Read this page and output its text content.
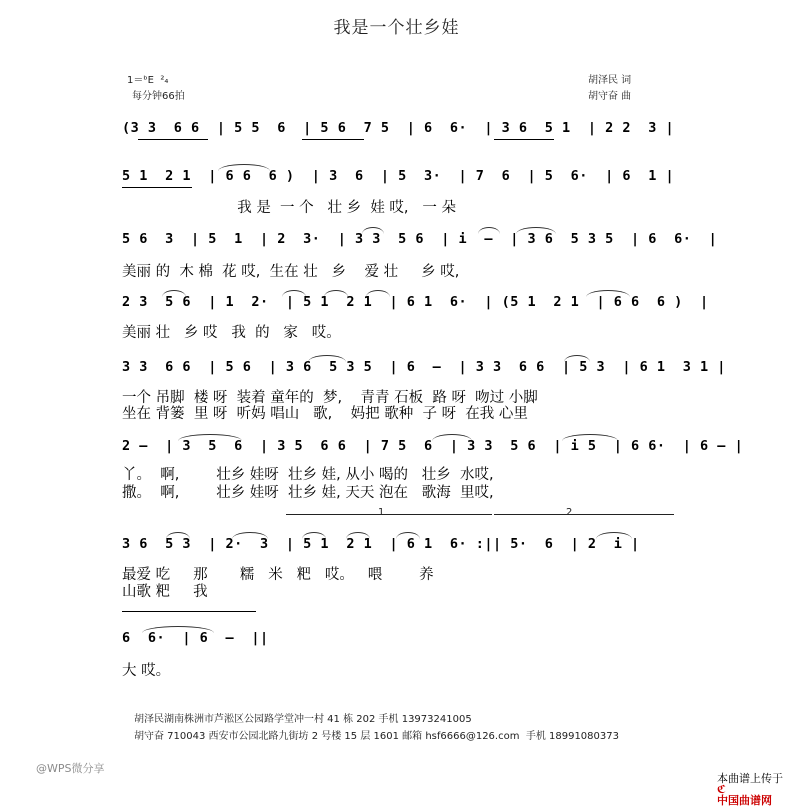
我是一个壮乡娃
1＝ᵇE  ²₄
每分钟66拍
胡泽民 词
胡守奋 曲
(3 3  6 6  | 5 5  6  | 5 6  7 5  | 6  6·  | 3 6  5 1  | 2 2  3 |
5 1  2 1  | 6 6  6 )  | 3  6  | 5  3·  | 7  6  | 5  6·  | 6  1 |
我 是  一 个   壮 乡  娃 哎,   一 朵
5 6  3  | 5  1  | 2  3·  | 3 3  5 6  | i  —  | 3 6  5 3 5  | 6  6·  |
美丽 的  木 棉  花 哎,  生在 壮   乡    爱 壮     乡 哎,
2 3  5 6  | 1  2·  | 5 1  2 1  | 6 1  6·  | (5 1  2 1  | 6 6  6 )  |
美丽 壮   乡 哎   我  的   家   哎。
3 3  6 6  | 5 6  | 3 6  5 3 5  | 6  —  | 3 3  6 6  | 5 3  | 6 1  3 1 |
一个 吊脚  楼 呀  装着 童年的  梦,    青青 石板  路 呀  吻过 小脚
坐在 背篓  里 呀  听妈 唱山   歌,    妈把 歌种  子 呀  在我 心里
2 —  | 3  5  6  | 3 5  6 6  | 7 5  6  | 3 3  5 6  | i 5  | 6 6·  | 6 — |
丫。  啊,        壮乡 娃呀  壮乡 娃, 从小 喝的   壮乡  水哎,
撒。  啊,        壮乡 娃呀  壮乡 娃, 天天 泡在   歌海  里哎,
1	2
3 6  5 3  | 2·  3  | 5 1  2 1  | 6 1  6· :|| 5·  6  | 2  i |
最爱 吃     那       糯   米   粑   哎。   喂        养
山歌 粑     我
6  6·  | 6  —  ||
大 哎。
胡泽民湖南株洲市芦淞区公园路学堂冲一村 41 栋 202 手机 13973241005
胡守奋 710043 西安市公园北路九街坊 2 号楼 15 层 1601 邮箱 hsf6666@126.com  手机 18991080373
@WPS微分享

本曲谱上传于
ℭ
中国曲谱网
